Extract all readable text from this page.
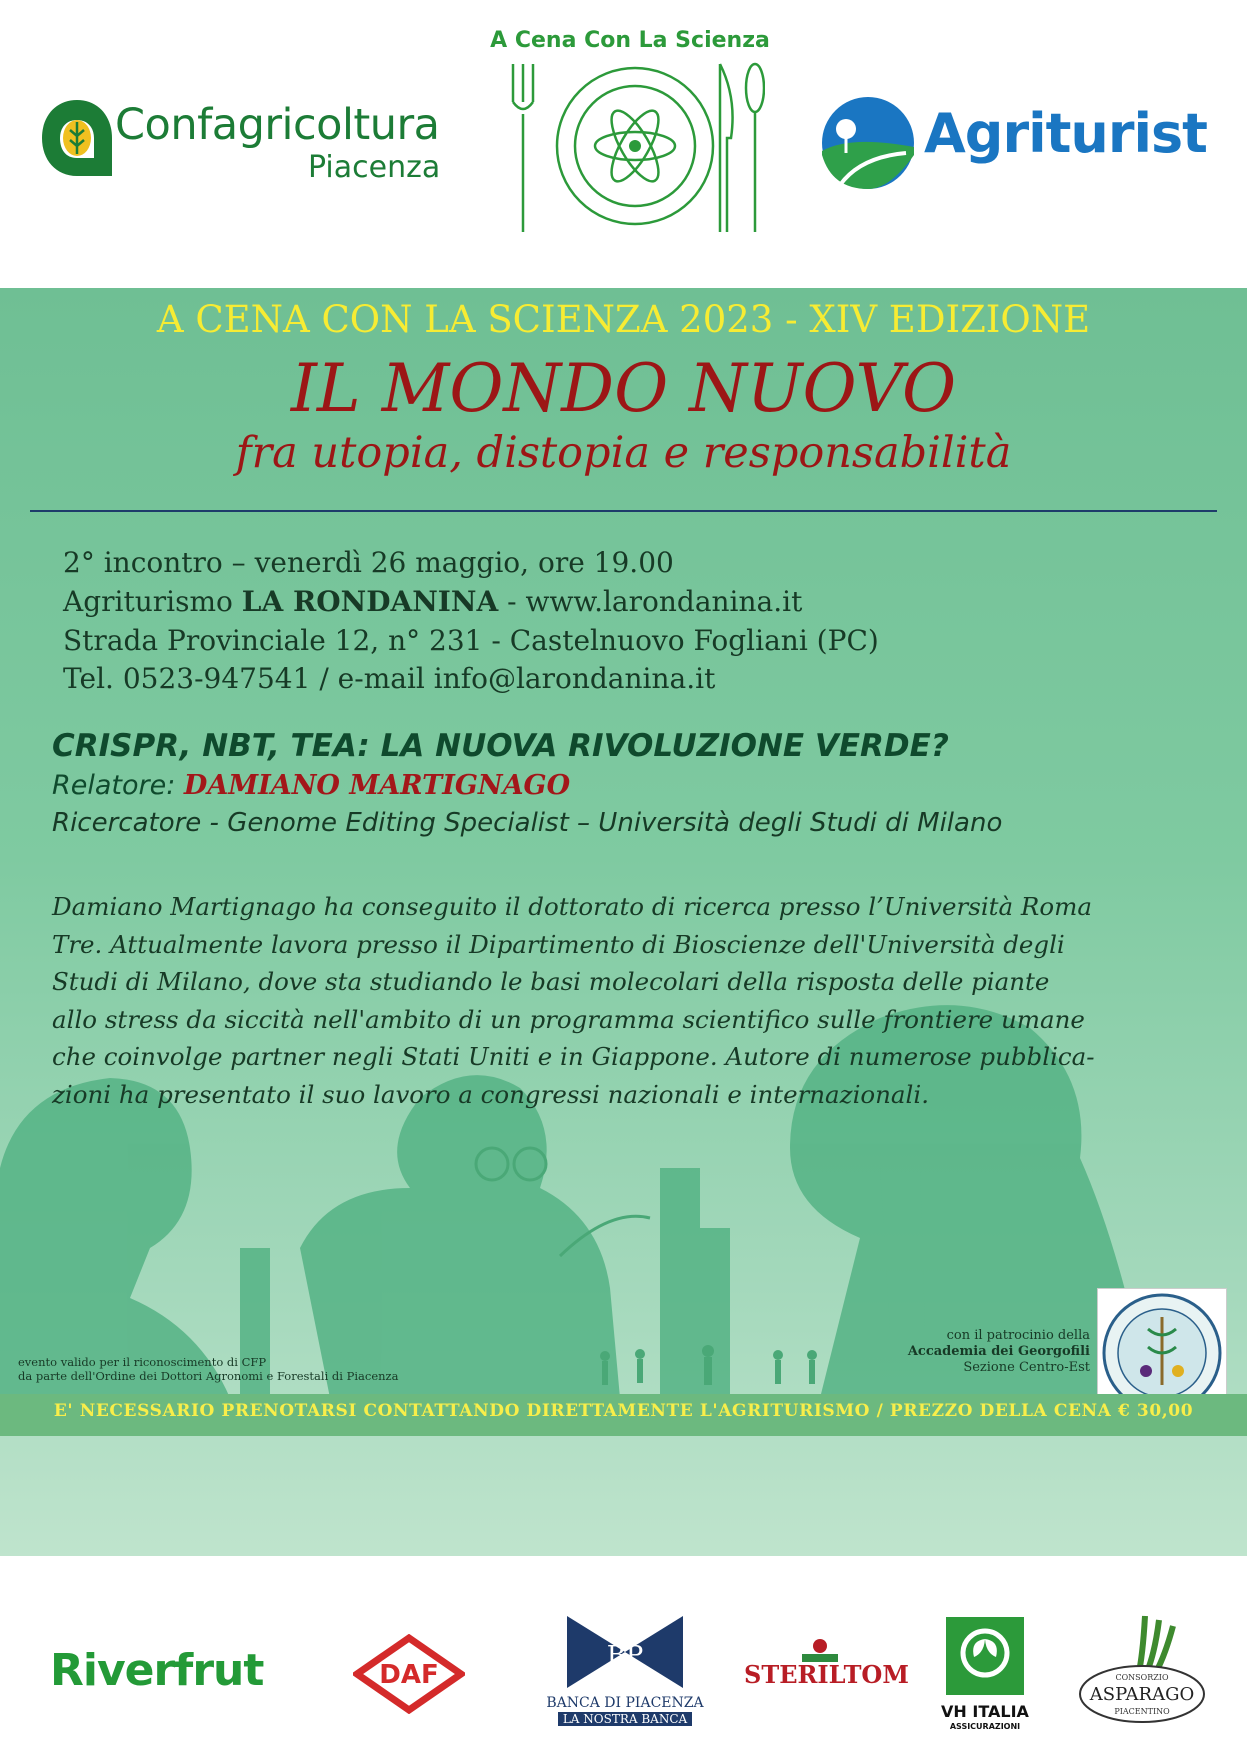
Confagricoltura
Piacenza
A Cena Con La Scienza
Agriturist
A CENA CON LA SCIENZA 2023 - XIV EDIZIONE
IL MONDO NUOVO
fra utopia, distopia e responsabilità
2° incontro – venerdì 26 maggio, ore 19.00
Agriturismo LA RONDANINA - www.larondanina.it
Strada Provinciale 12, n° 231 - Castelnuovo Fogliani (PC)
Tel. 0523-947541 / e-mail info@larondanina.it
CRISPR, NBT, TEA: LA NUOVA RIVOLUZIONE VERDE?
Relatore: DAMIANO MARTIGNAGO
Ricercatore - Genome Editing Specialist – Università degli Studi di Milano
Damiano Martignago ha conseguito il dottorato di ricerca presso l’Università Roma
Tre. Attualmente lavora presso il Dipartimento di Bioscienze dell'Università degli
Studi di Milano, dove sta studiando le basi molecolari della risposta delle piante
allo stress da siccità nell'ambito di un programma scientifico sulle frontiere umane
che coinvolge partner negli Stati Uniti e in Giappone. Autore di numerose pubblica-
zioni ha presentato il suo lavoro a congressi nazionali e internazionali.
evento valido per il riconoscimento di CFP
da parte dell'Ordine dei Dottori Agronomi e Forestali di Piacenza
con il patrocinio della
Accademia dei Georgofili
Sezione Centro-Est
E' NECESSARIO PRENOTARSI CONTATTANDO DIRETTAMENTE L'AGRITURISMO / PREZZO DELLA CENA € 30,00
Riverfrut	DAF
BP
BANCA DI PIACENZA
LA NOSTRA BANCA
STERILTOM
VH ITALIA
ASSICURAZIONI
CONSORZIO
ASPARAGO
PIACENTINO
